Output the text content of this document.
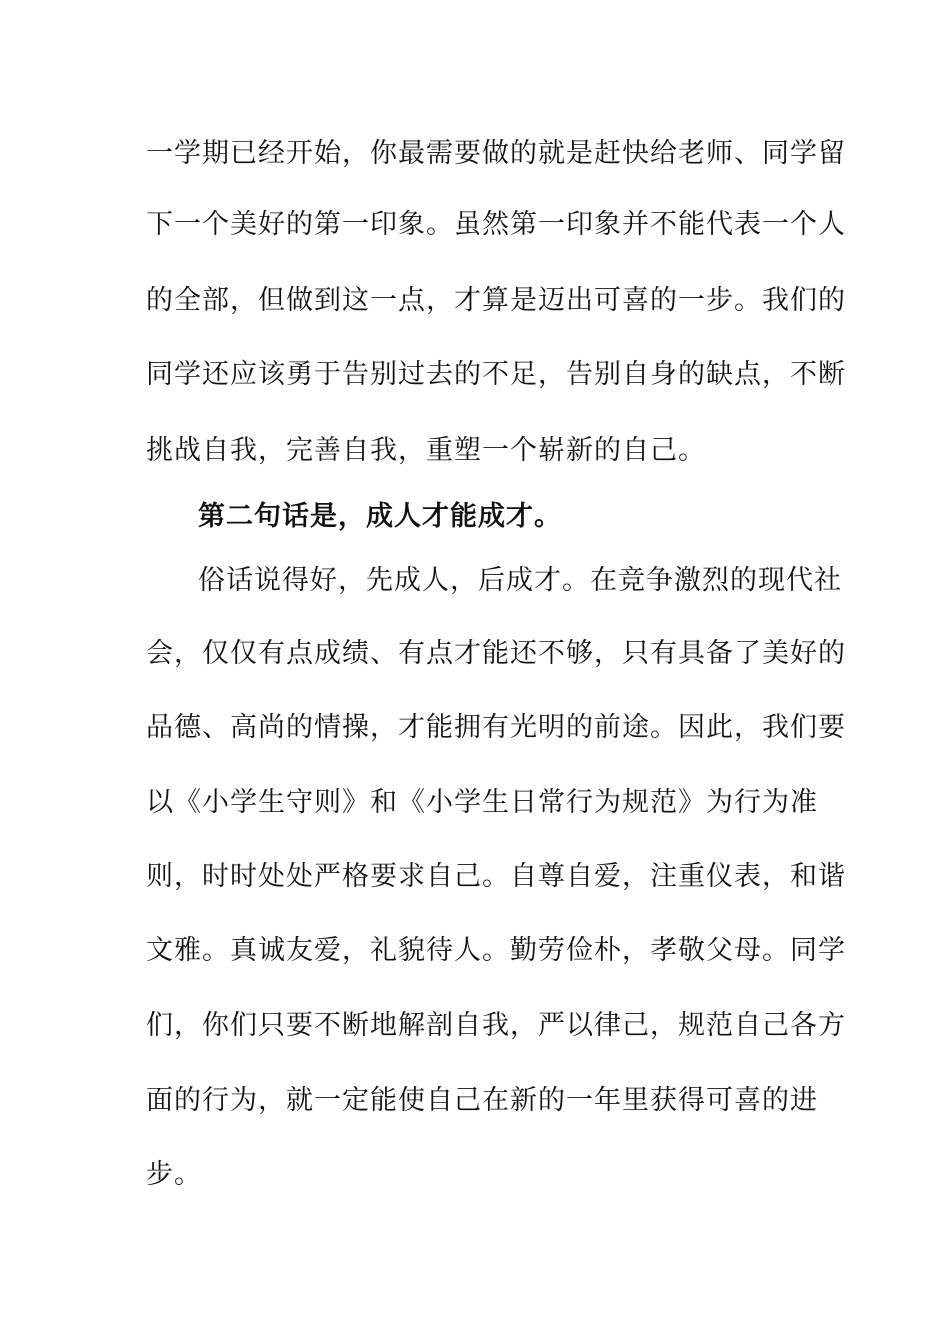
一学期已经开始，你最需要做的就是赶快给老师、同学留
下一个美好的第一印象。虽然第一印象并不能代表一个人
的全部，但做到这一点，才算是迈出可喜的一步。我们的
同学还应该勇于告别过去的不足，告别自身的缺点，不断
挑战自我，完善自我，重塑一个崭新的自己。
第二句话是，成人才能成才。
俗话说得好，先成人，后成才。在竞争激烈的现代社
会，仅仅有点成绩、有点才能还不够，只有具备了美好的
品德、高尚的情操，才能拥有光明的前途。因此，我们要
以《小学生守则》和《小学生日常行为规范》为行为准
则，时时处处严格要求自己。自尊自爱，注重仪表，和谐
文雅。真诚友爱，礼貌待人。勤劳俭朴，孝敬父母。同学
们，你们只要不断地解剖自我，严以律己，规范自己各方
面的行为，就一定能使自己在新的一年里获得可喜的进
步。
